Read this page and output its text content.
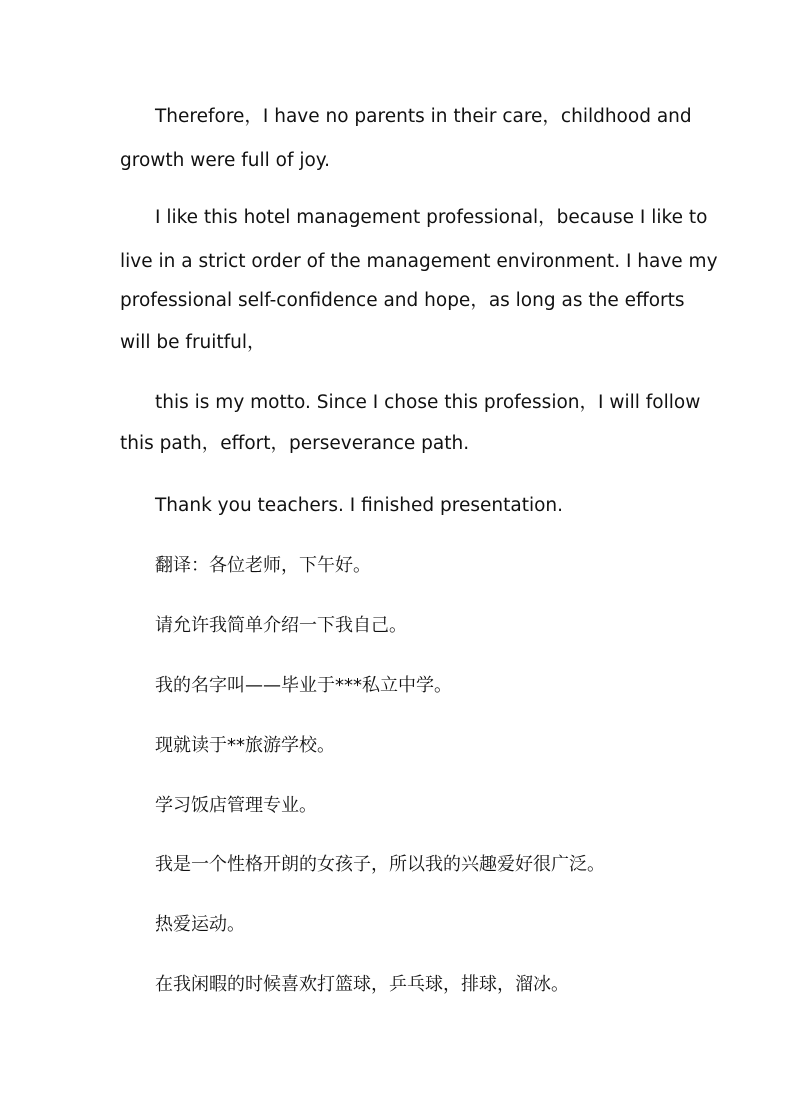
Therefore，I have no parents in their care，childhood and
growth were full of joy.
I like this hotel management professional，because I like to
live in a strict order of the management environment. I have my
professional self-confidence and hope，as long as the efforts
will be fruitful，
this is my motto. Since I chose this profession，I will follow
this path，effort，perseverance path.
Thank you teachers. I finished presentation.
翻译：各位老师，下午好。
请允许我简单介绍一下我自己。
我的名字叫——毕业于***私立中学。
现就读于**旅游学校。
学习饭店管理专业。
我是一个性格开朗的女孩子，所以我的兴趣爱好很广泛。
热爱运动。
在我闲暇的时候喜欢打篮球，乒乓球，排球，溜冰。
